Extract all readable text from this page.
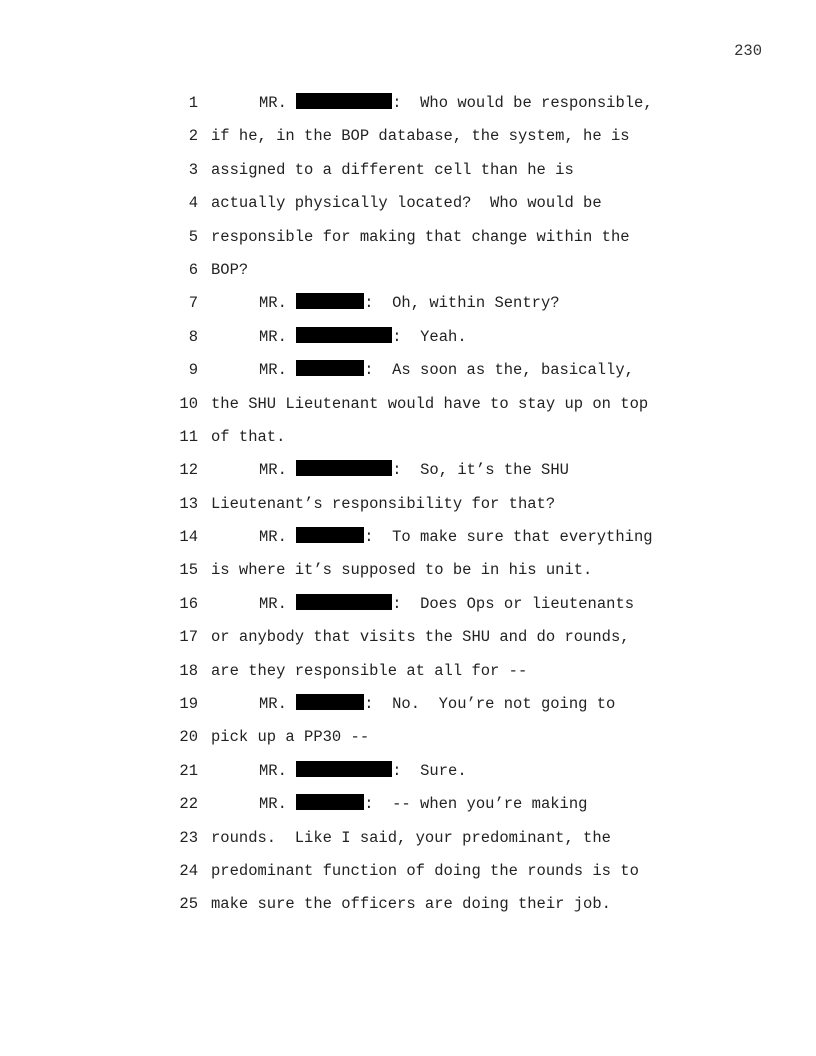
230
1	MR.	:  Who would be responsible,
2 if he, in the BOP database, the system, he is
3 assigned to a different cell than he is
4 actually physically located?  Who would be
5 responsible for making that change within the
6 BOP?
7	MR.	:  Oh, within Sentry?
8	MR.	:  Yeah.
9	MR.	:  As soon as the, basically,
10 the SHU Lieutenant would have to stay up on top
11 of that.
12	MR.	:  So, it’s the SHU
13 Lieutenant’s responsibility for that?
14	MR.	:  To make sure that everything
15 is where it’s supposed to be in his unit.
16	MR.	:  Does Ops or lieutenants
17 or anybody that visits the SHU and do rounds,
18 are they responsible at all for --
19	MR.	:  No.  You’re not going to
20 pick up a PP30 --
21	MR.	:  Sure.
22	MR.	:  -- when you’re making
23 rounds.  Like I said, your predominant, the
24 predominant function of doing the rounds is to
25 make sure the officers are doing their job.
